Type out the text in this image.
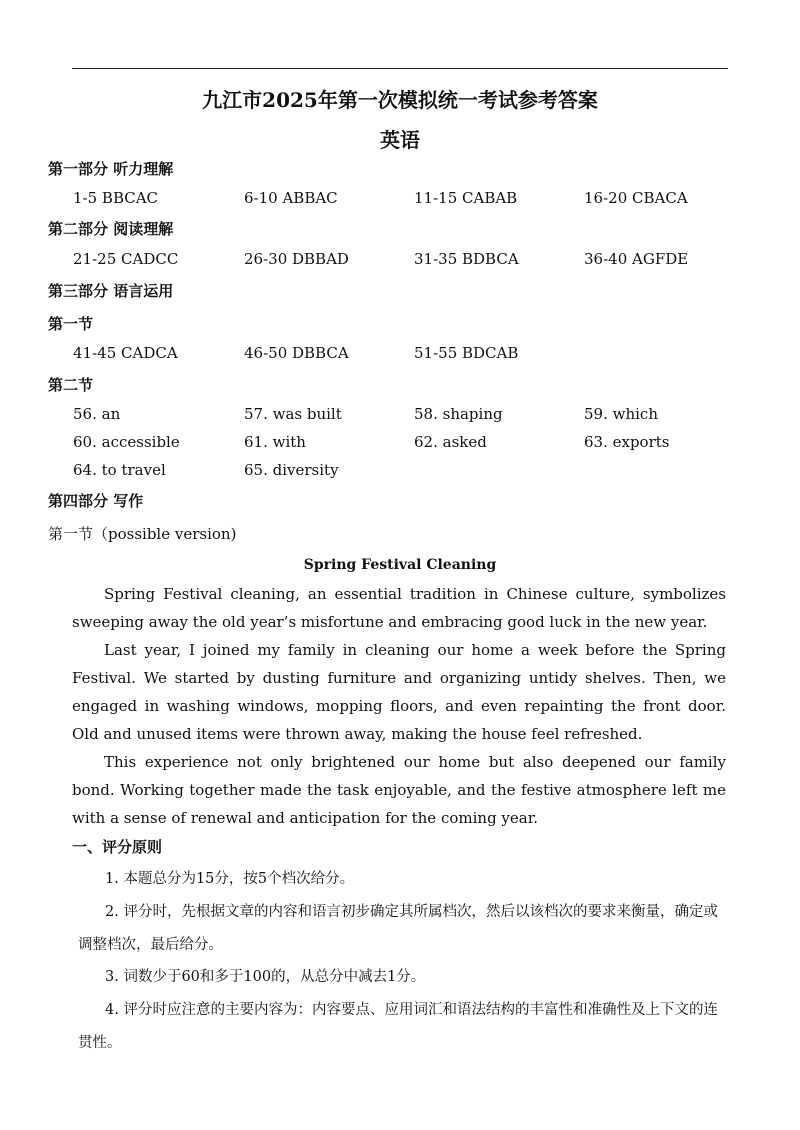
九江市2025年第一次模拟统一考试参考答案
英语
第一部分 听力理解
1-5 BBCAC	6-10 ABBAC	11-15 CABAB	16-20 CBACA
第二部分 阅读理解
21-25 CADCC	26-30 DBBAD	31-35 BDBCA	36-40 AGFDE
第三部分 语言运用
第一节
41-45 CADCA	46-50 DBBCA	51-55 BDCAB
第二节
56. an	57. was built	58. shaping	59. which
60. accessible	61. with	62. asked	63. exports
64. to travel	65. diversity
第四部分 写作
第一节（possible version)
Spring Festival Cleaning
Spring Festival cleaning, an essential tradition in Chinese culture, symbolizes sweeping away the old year’s misfortune and embracing good luck in the new year.
Last year, I joined my family in cleaning our home a week before the Spring Festival. We started by dusting furniture and organizing untidy shelves. Then, we engaged in washing windows, mopping floors, and even repainting the front door. Old and unused items were thrown away, making the house feel refreshed.
This experience not only brightened our home but also deepened our family bond. Working together made the task enjoyable, and the festive atmosphere left me with a sense of renewal and anticipation for the coming year.
一、评分原则
1. 本题总分为15分，按5个档次给分。
2. 评分时，先根据文章的内容和语言初步确定其所属档次，然后以该档次的要求来衡量，确定或调整档次，最后给分。
3. 词数少于60和多于100的，从总分中减去1分。
4. 评分时应注意的主要内容为：内容要点、应用词汇和语法结构的丰富性和准确性及上下文的连贯性。
